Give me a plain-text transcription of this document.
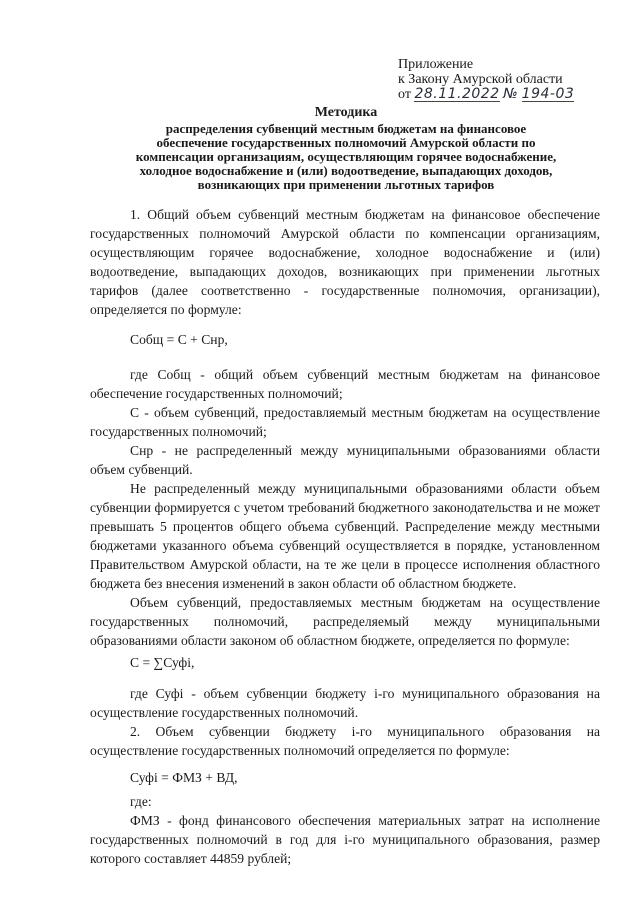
Приложение
к Закону Амурской области
от 28.11.2022 № 194-03
Методика
распределения субвенций местным бюджетам на финансовое
обеспечение государственных полномочий Амурской области по
компенсации организациям, осуществляющим горячее водоснабжение,
холодное водоснабжение и (или) водоотведение, выпадающих доходов,
возникающих при применении льготных тарифов

1. Общий объем субвенций местным бюджетам на финансовое обеспечение государственных полномочий Амурской области по компенсации организациям, осуществляющим горячее водоснабжение, холодное водоснабжение и (или) водоотведение, выпадающих доходов, возникающих при применении льготных тарифов (далее соответственно - государственные полномочия, организации), определяется по формуле:

Собщ = С + Снр,

где Собщ - общий объем субвенций местным бюджетам на финансовое обеспечение государственных полномочий;

С - объем субвенций, предоставляемый местным бюджетам на осуществление государственных полномочий;

Снр - не распределенный между муниципальными образованиями области объем субвенций.

Не распределенный между муниципальными образованиями области объем субвенции формируется с учетом требований бюджетного законодательства и не может превышать 5 процентов общего объема субвенций. Распределение между местными бюджетами указанного объема субвенций осуществляется в порядке, установленном Правительством Амурской области, на те же цели в процессе исполнения областного бюджета без внесения изменений в закон области об областном бюджете.

Объем субвенций, предоставляемых местным бюджетам на осуществление государственных полномочий, распределяемый между муниципальными образованиями области законом об областном бюджете, определяется по формуле:

С = ∑Суфі,

где Суфі - объем субвенции бюджету і-го муниципального образования на осуществление государственных полномочий.

2. Объем субвенции бюджету і-го муниципального образования на осуществление государственных полномочий определяется по формуле:

Суфі = ФМЗ + ВД,

где:

ФМЗ - фонд финансового обеспечения материальных затрат на исполнение государственных полномочий в год для і-го муниципального образования, размер которого составляет 44859 рублей;
